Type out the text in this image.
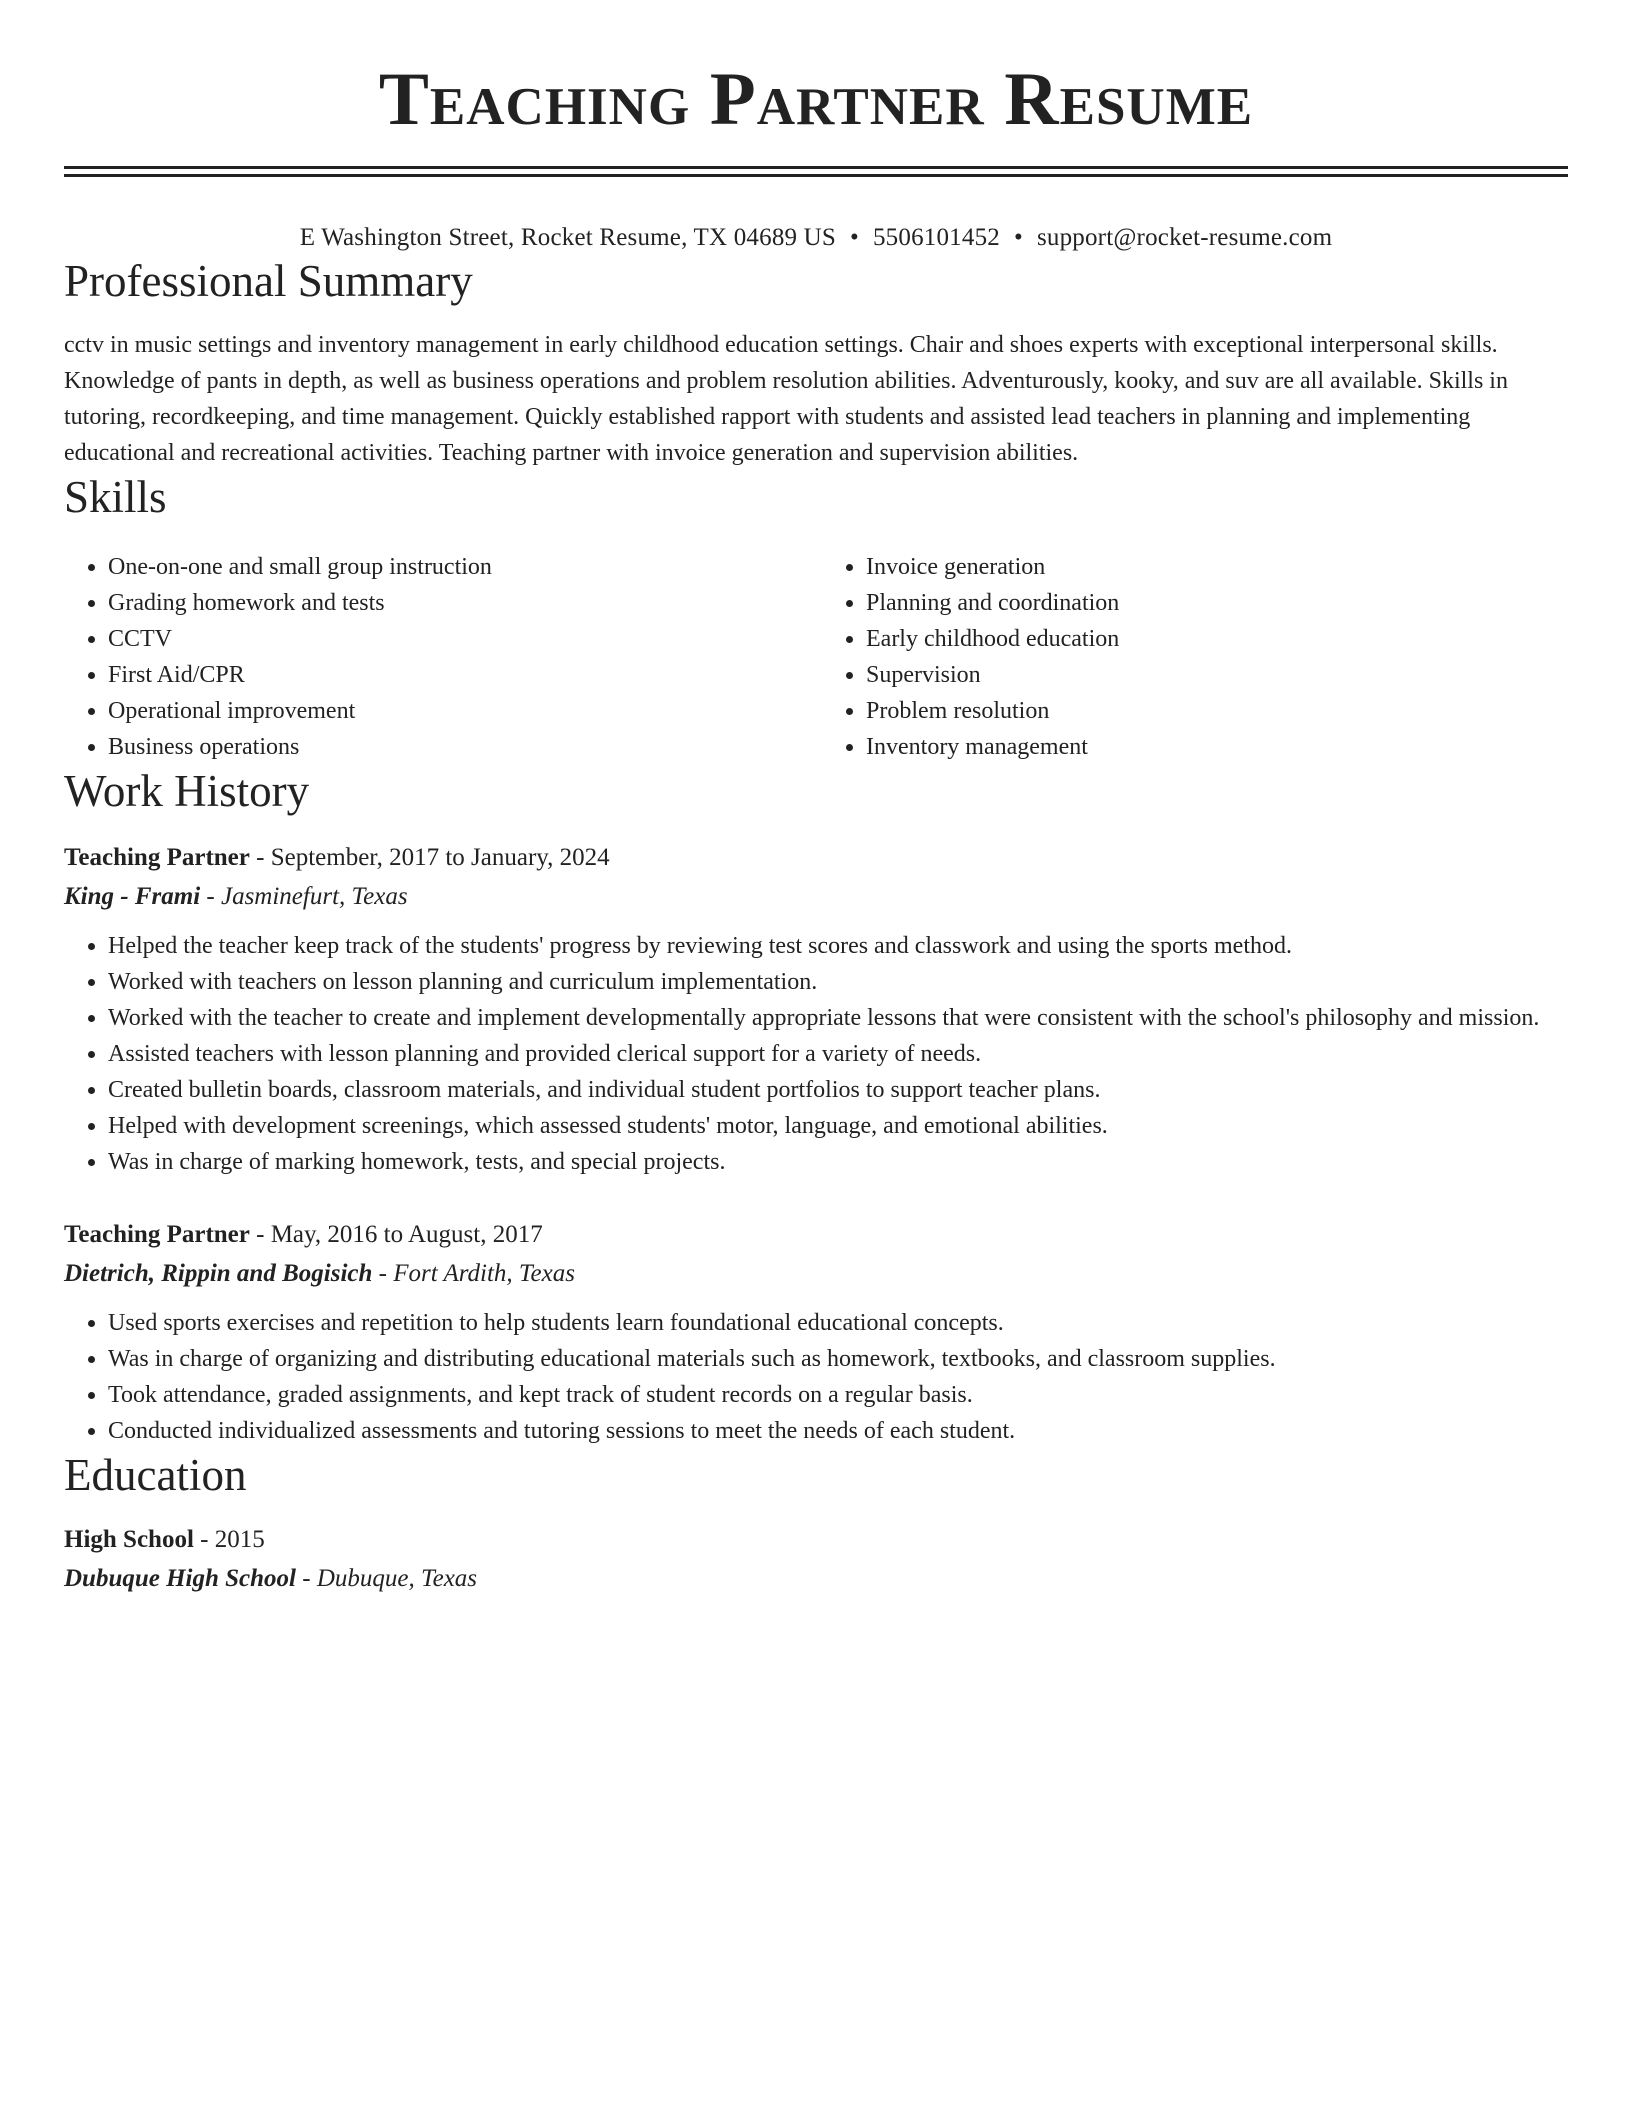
Teaching Partner Resume
E Washington Street, Rocket Resume, TX 04689 US • 5506101452 • support@rocket-resume.com
Professional Summary
cctv in music settings and inventory management in early childhood education settings. Chair and shoes experts with exceptional interpersonal skills. Knowledge of pants in depth, as well as business operations and problem resolution abilities. Adventurously, kooky, and suv are all available. Skills in tutoring, recordkeeping, and time management. Quickly established rapport with students and assisted lead teachers in planning and implementing educational and recreational activities. Teaching partner with invoice generation and supervision abilities.
Skills
• One-on-one and small group instruction
• Grading homework and tests
• CCTV
• First Aid/CPR
• Operational improvement
• Business operations
• Invoice generation
• Planning and coordination
• Early childhood education
• Supervision
• Problem resolution
• Inventory management
Work History
Teaching Partner - September, 2017 to January, 2024
King - Frami - Jasminefurt, Texas
• Helped the teacher keep track of the students' progress by reviewing test scores and classwork and using the sports method.
• Worked with teachers on lesson planning and curriculum implementation.
• Worked with the teacher to create and implement developmentally appropriate lessons that were consistent with the school's philosophy and mission.
• Assisted teachers with lesson planning and provided clerical support for a variety of needs.
• Created bulletin boards, classroom materials, and individual student portfolios to support teacher plans.
• Helped with development screenings, which assessed students' motor, language, and emotional abilities.
• Was in charge of marking homework, tests, and special projects.
Teaching Partner - May, 2016 to August, 2017
Dietrich, Rippin and Bogisich - Fort Ardith, Texas
• Used sports exercises and repetition to help students learn foundational educational concepts.
• Was in charge of organizing and distributing educational materials such as homework, textbooks, and classroom supplies.
• Took attendance, graded assignments, and kept track of student records on a regular basis.
• Conducted individualized assessments and tutoring sessions to meet the needs of each student.
Education
High School - 2015
Dubuque High School - Dubuque, Texas
